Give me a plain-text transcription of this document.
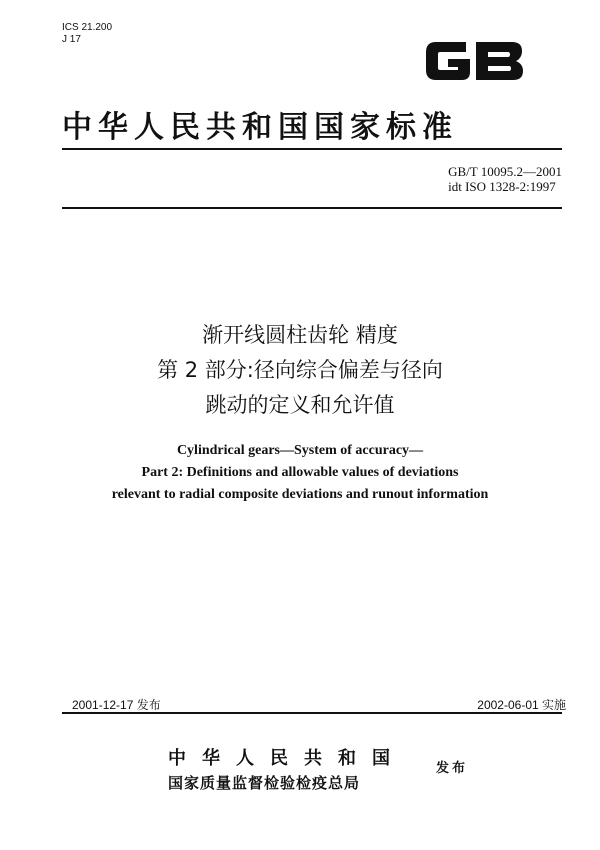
ICS 21.200
J 17
中华人民共和国国家标准
GB/T 10095.2—2001
idt ISO 1328-2:1997
渐开线圆柱齿轮 精度
第 2 部分:径向综合偏差与径向
跳动的定义和允许值
Cylindrical gears—System of accuracy—
Part 2: Definitions and allowable values of deviations
relevant to radial composite deviations and runout information
2001-12-17 发布	2002-06-01 实施
中华人民共和国
国家质量监督检验检疫总局
发布
